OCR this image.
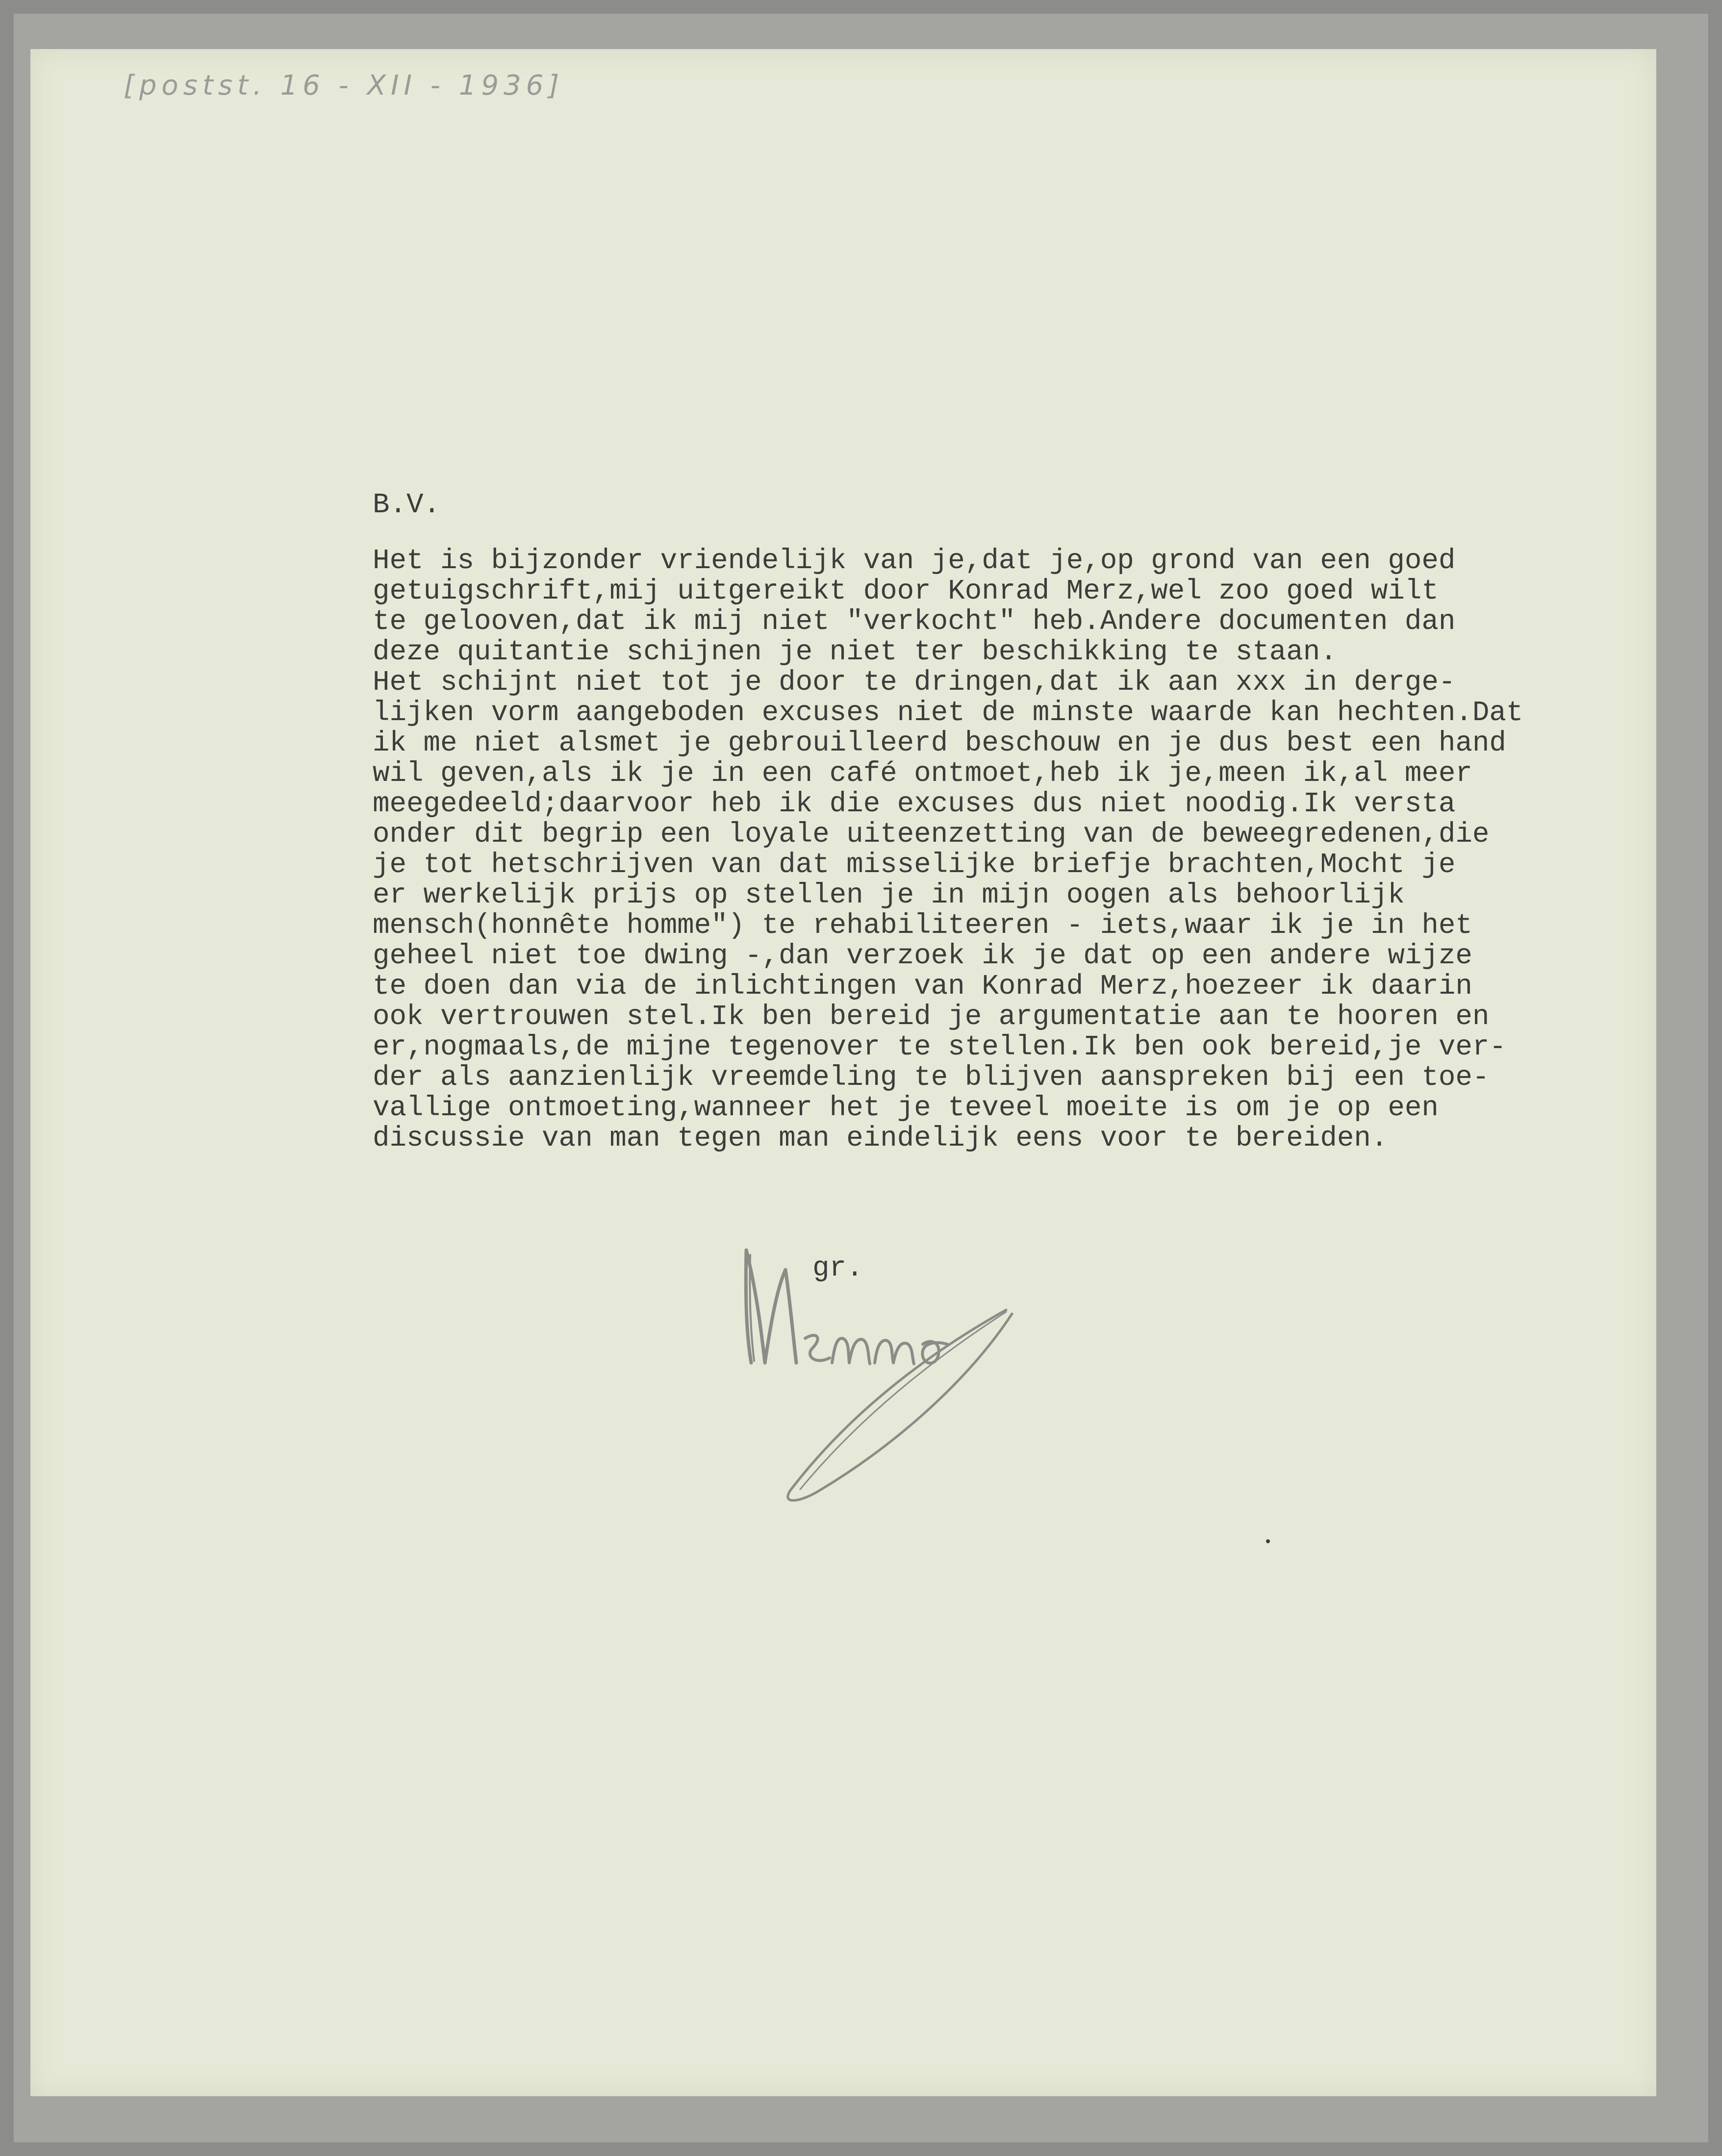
[postst. 16 - XII - 1936]
B.V.
Het is bijzonder vriendelijk van je,dat je,op grond van een goed
getuigschrift,mij uitgereikt door Konrad Merz,wel zoo goed wilt
te gelooven,dat ik mij niet "verkocht" heb.Andere documenten dan
deze quitantie schijnen je niet ter beschikking te staan.
Het schijnt niet tot je door te dringen,dat ik aan xxx in derge-
lijken vorm aangeboden excuses niet de minste waarde kan hechten.Dat
ik me niet alsmet je gebrouilleerd beschouw en je dus best een hand
wil geven,als ik je in een café ontmoet,heb ik je,meen ik,al meer
meegedeeld;daarvoor heb ik die excuses dus niet noodig.Ik versta
onder dit begrip een loyale uiteenzetting van de beweegredenen,die
je tot hetschrijven van dat misselijke briefje brachten,Mocht je
er werkelijk prijs op stellen je in mijn oogen als behoorlijk
mensch(honnête homme") te rehabiliteeren - iets,waar ik je in het
geheel niet toe dwing -,dan verzoek ik je dat op een andere wijze
te doen dan via de inlichtingen van Konrad Merz,hoezeer ik daarin
ook vertrouwen stel.Ik ben bereid je argumentatie aan te hooren en
er,nogmaals,de mijne tegenover te stellen.Ik ben ook bereid,je ver-
der als aanzienlijk vreemdeling te blijven aanspreken bij een toe-
vallige ontmoeting,wanneer het je teveel moeite is om je op een
discussie van man tegen man eindelijk eens voor te bereiden.
gr.
